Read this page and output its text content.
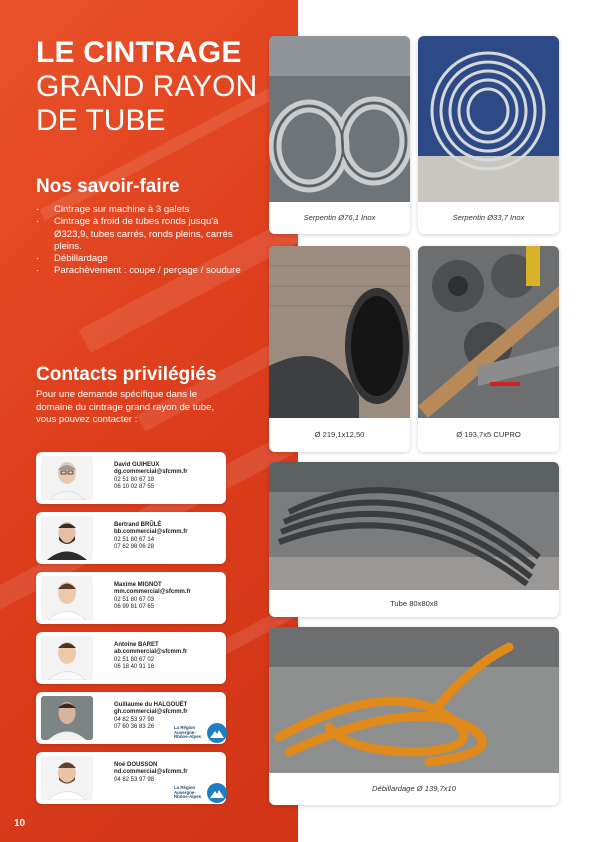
LE CINTRAGE
GRAND RAYON
DE TUBE
Nos savoir-faire
· Cintrage sur machine à 3 galets
· Cintrage à froid de tubes ronds jusqu'à Ø323,9, tubes carrés, ronds pleins, carrés pleins.
· Débillardage
· Parachèvement : coupe / perçage / soudure
Contacts privilégiés

Pour une demande spécifique dans le domaine du cintrage grand rayon de tube, vous pouvez contacter :

David GUIHEUX
dg.commercial@sfcmm.fr
02 51 80 67 18
06 10 02 87 55
Bertrand BRÛLÉ
bb.commercial@sfcmm.fr
02 51 80 67 14
07 62 98 06 28
Maxime MIGNOT
mm.commercial@sfcmm.fr
02 51 80 67 03
06 99 81 07 65
Antoine BARET
ab.commercial@sfcmm.fr
02 51 80 67 02
06 18 40 91 16
Guillaume du HALGOUËT
gh.commercial@sfcmm.fr
04 82 53 97 98
07 60 36 83 26	La Région Auvergne-Rhône-Alpes
Noé DOUSSON
nd.commercial@sfcmm.fr
04 82 53 97 98
La Région Auvergne-Rhône-Alpes
10
Serpentin Ø76,1 Inox	Serpentin Ø33,7 Inox
Ø 219,1x12,50	Ø 193,7x5 CUPRO
Tube 80x80x8
Débillardage Ø 139,7x10
